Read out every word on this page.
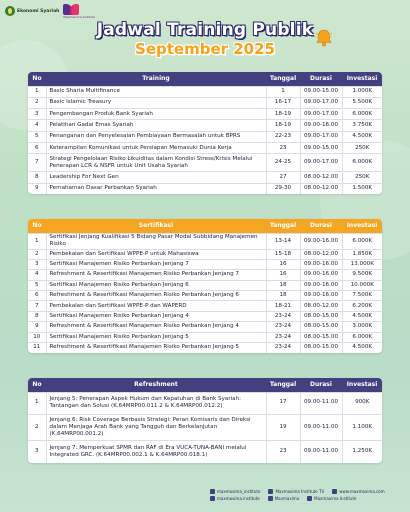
Ekonomi Syariah
Maxmaxima Institute
Jadwal Training Publik
September 2025
No	Training	Tanggal	Durasi	Investasi
1	Basic Sharia Multifinance	1	09.00-15.00	1.000K
2	Basic Islamic Treasury	16-17	09.00-17.00	5.500K
3	Pengembangan Produk Bank Syariah	18-19	09.00-17.00	6.000K
4	Pelatihan Gadai Emas Syariah	18-19	09.00-16.00	3.750K
5	Penanganan dan Penyelesaian Pembiayaan Bermasalah untuk BPRS	22-23	09.00-17.00	4.500K
6	Keterampilan Komunikasi untuk Persiapan Memasuki Dunia Kerja	23	09.00-15.00	250K
7	Strategi Pengelolaan Risiko Likuiditas dalam Kondisi Stress/Krisis Melalui Penerapan LCR & NSFR untuk Unit Usaha Syariah	24-25	09.00-17.00	6.000K
8	Leadership For Next Gen	27	08.00-12.00	250K
9	Pemahaman Dasar Perbankan Syariah	29-30	08.00-12.00	1.500K
No	Sertifikasi	Tanggal	Durasi	Investasi
1	Sertifikasi Jenjang Kualifikasi 5 Bidang Pasar Modal Subbidang Manajemen Risiko	13-14	09.00-16.00	6.000K
2	Pembekalan dan Sertifikasi WPPE-P untuk Mahasiswa	15-18	08.00-12.00	1.850K
3	Sertifikasi Manajemen Risiko Perbankan Jenjang 7	16	09.00-16.00	13.000K
4	Refreshment & Resertifikasi Manajemen Risiko Perbankan Jenjang 7	16	09.00-16.00	9.500K
5	Sertifikasi Manajemen Risiko Perbankan Jenjang 6	18	09.00-16.00	10.000K
6	Refreshment & Resertifikasi Manajemen Risiko Perbankan Jenjang 6	18	09.00-16.00	7.500K
7	Pembekalan dan Sertifikasi WPPE-P dan WAPERD	18-21	08.00-12.00	6.200K
8	Sertifikasi Manajemen Risiko Perbankan Jenjang 4	23-24	08.00-15.00	4.500K
9	Refreshment & Resertifikasi Manajemen Risiko Perbankan Jenjang 4	23-24	08.00-15.00	3.000K
10	Sertifikasi Manajemen Risiko Perbankan Jenjang 5	23-24	08.00-15.00	6.000K
11	Refreshment & Resertifikasi Manajemen Risiko Perbankan Jenjang 5	23-24	08.00-15.00	4.500K
No	Refreshment	Tanggal	Durasi	Investasi
1	Jenjang 5: Penerapan Aspek Hukum dan Kepatuhan di Bank Syariah: Tantangan dan Solusi (K.64MRP00.011.2 & K.64MRP00.012.2)	17	09.00-11.00	900K
2	Jenjang 6: Risk Coverage Berbasis Strategi: Peran Komisaris dan Direksi dalam Menjaga Arah Bank yang Tangguh dan Berkelanjutan (K.64MRP00.001.2)	19	09.00-11.00	1.100K
3	Jenjang 7: Memperkuat SPMR dan RAF di Era VUCA-TUNA-BANI melalui Integrated GRC. (K.64MRP00.002.1 & K.64MRP00.018.1)	23	09.00-11.00	1.250K
maxmaxima_institute	Maxmaxima Institute TV	www.maxmaxima.com
maxmaxima.institute	Maxmaxima	Maxmaxima Institute
